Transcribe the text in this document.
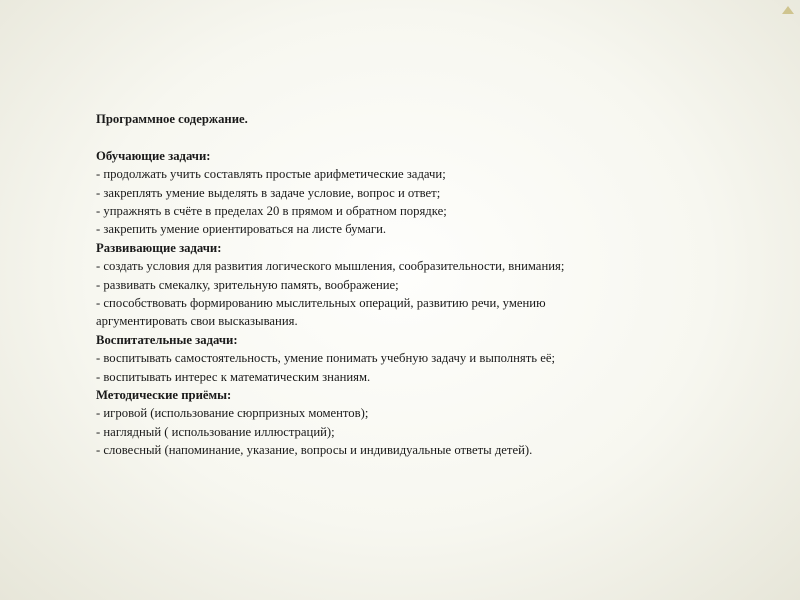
Программное содержание.
Обучающие задачи:
- продолжать учить составлять простые арифметические задачи;
- закреплять умение выделять в задаче условие, вопрос и ответ;
- упражнять в счёте в пределах 20 в прямом и обратном порядке;
- закрепить умение ориентироваться на листе бумаги.
Развивающие задачи:
- создать условия для развития логического мышления, сообразительности, внимания;
- развивать смекалку, зрительную память, воображение;
- способствовать формированию мыслительных операций, развитию речи, умению
аргументировать свои высказывания.
Воспитательные задачи:
- воспитывать самостоятельность, умение понимать учебную задачу и выполнять её;
- воспитывать интерес к математическим знаниям.
Методические приёмы:
- игровой (использование сюрпризных моментов);
- наглядный ( использование иллюстраций);
- словесный (напоминание, указание, вопросы и индивидуальные ответы детей).
